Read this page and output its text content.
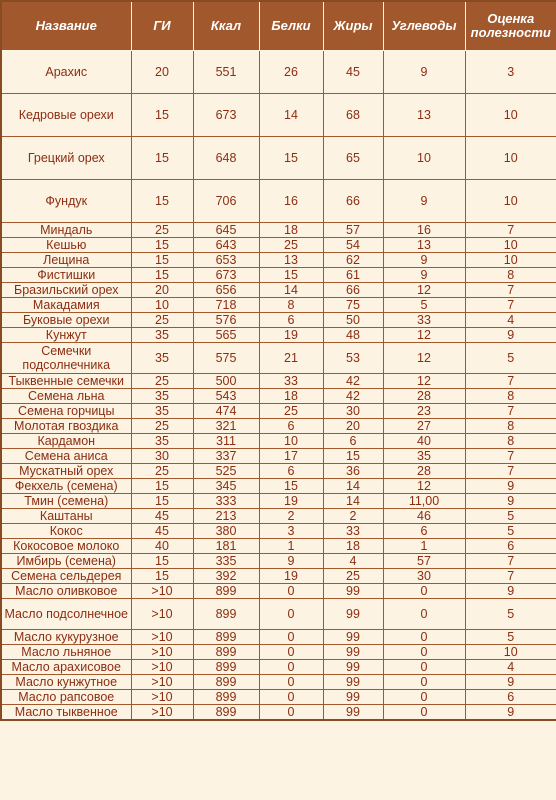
Название	ГИ	Ккал	Белки	Жиры	Углеводы	Оценка полезности
Арахис	20	551	26	45	9	3
Кедровые орехи	15	673	14	68	13	10
Грецкий орех	15	648	15	65	10	10
Фундук	15	706	16	66	9	10
Миндаль	25	645	18	57	16	7
Кешью	15	643	25	54	13	10
Лещина	15	653	13	62	9	10
Фистишки	15	673	15	61	9	8
Бразильский орех	20	656	14	66	12	7
Макадамия	10	718	8	75	5	7
Буковые орехи	25	576	6	50	33	4
Кунжут	35	565	19	48	12	9
Семечки подсолнечника	35	575	21	53	12	5
Тыквенные семечки	25	500	33	42	12	7
Семена льна	35	543	18	42	28	8
Семена горчицы	35	474	25	30	23	7
Молотая гвоздика	25	321	6	20	27	8
Кардамон	35	311	10	6	40	8
Семена аниса	30	337	17	15	35	7
Мускатный орех	25	525	6	36	28	7
Фекхель (семена)	15	345	15	14	12	9
Тмин (семена)	15	333	19	14	11,00	9
Каштаны	45	213	2	2	46	5
Кокос	45	380	3	33	6	5
Кокосовое молоко	40	181	1	18	1	6
Имбирь (семена)	15	335	9	4	57	7
Семена сельдерея	15	392	19	25	30	7
Масло оливковое	>10	899	0	99	0	9
Масло подсолнечное	>10	899	0	99	0	5
Масло кукурузное	>10	899	0	99	0	5
Масло льняное	>10	899	0	99	0	10
Масло арахисовое	>10	899	0	99	0	4
Масло кунжутное	>10	899	0	99	0	9
Масло рапсовое	>10	899	0	99	0	6
Масло тыквенное	>10	899	0	99	0	9
